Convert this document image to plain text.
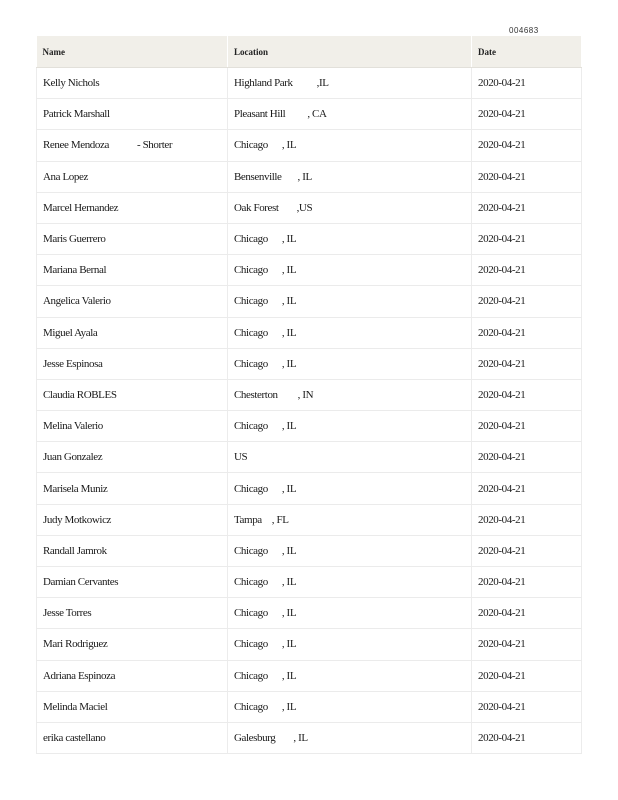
004683
Name	Location	Date
Kelly Nichols	Highland Park ,IL	2020-04-21
Patrick Marshall	Pleasant Hill , CA	2020-04-21
Renee Mendoza - Shorter	Chicago , IL	2020-04-21
Ana Lopez	Bensenville , IL	2020-04-21
Marcel Hernandez	Oak Forest ,US	2020-04-21
Maris Guerrero	Chicago , IL	2020-04-21
Mariana Bernal	Chicago , IL	2020-04-21
Angelica Valerio	Chicago , IL	2020-04-21
Miguel Ayala	Chicago , IL	2020-04-21
Jesse Espinosa	Chicago , IL	2020-04-21
Claudia ROBLES	Chesterton , IN	2020-04-21
Melina Valerio	Chicago , IL	2020-04-21
Juan Gonzalez	US	2020-04-21
Marisela Muniz	Chicago , IL	2020-04-21
Judy Motkowicz	Tampa , FL	2020-04-21
Randall Jamrok	Chicago , IL	2020-04-21
Damian Cervantes	Chicago , IL	2020-04-21
Jesse Torres	Chicago , IL	2020-04-21
Mari Rodriguez	Chicago , IL	2020-04-21
Adriana Espinoza	Chicago , IL	2020-04-21
Melinda Maciel	Chicago , IL	2020-04-21
erika castellano	Galesburg , IL	2020-04-21
